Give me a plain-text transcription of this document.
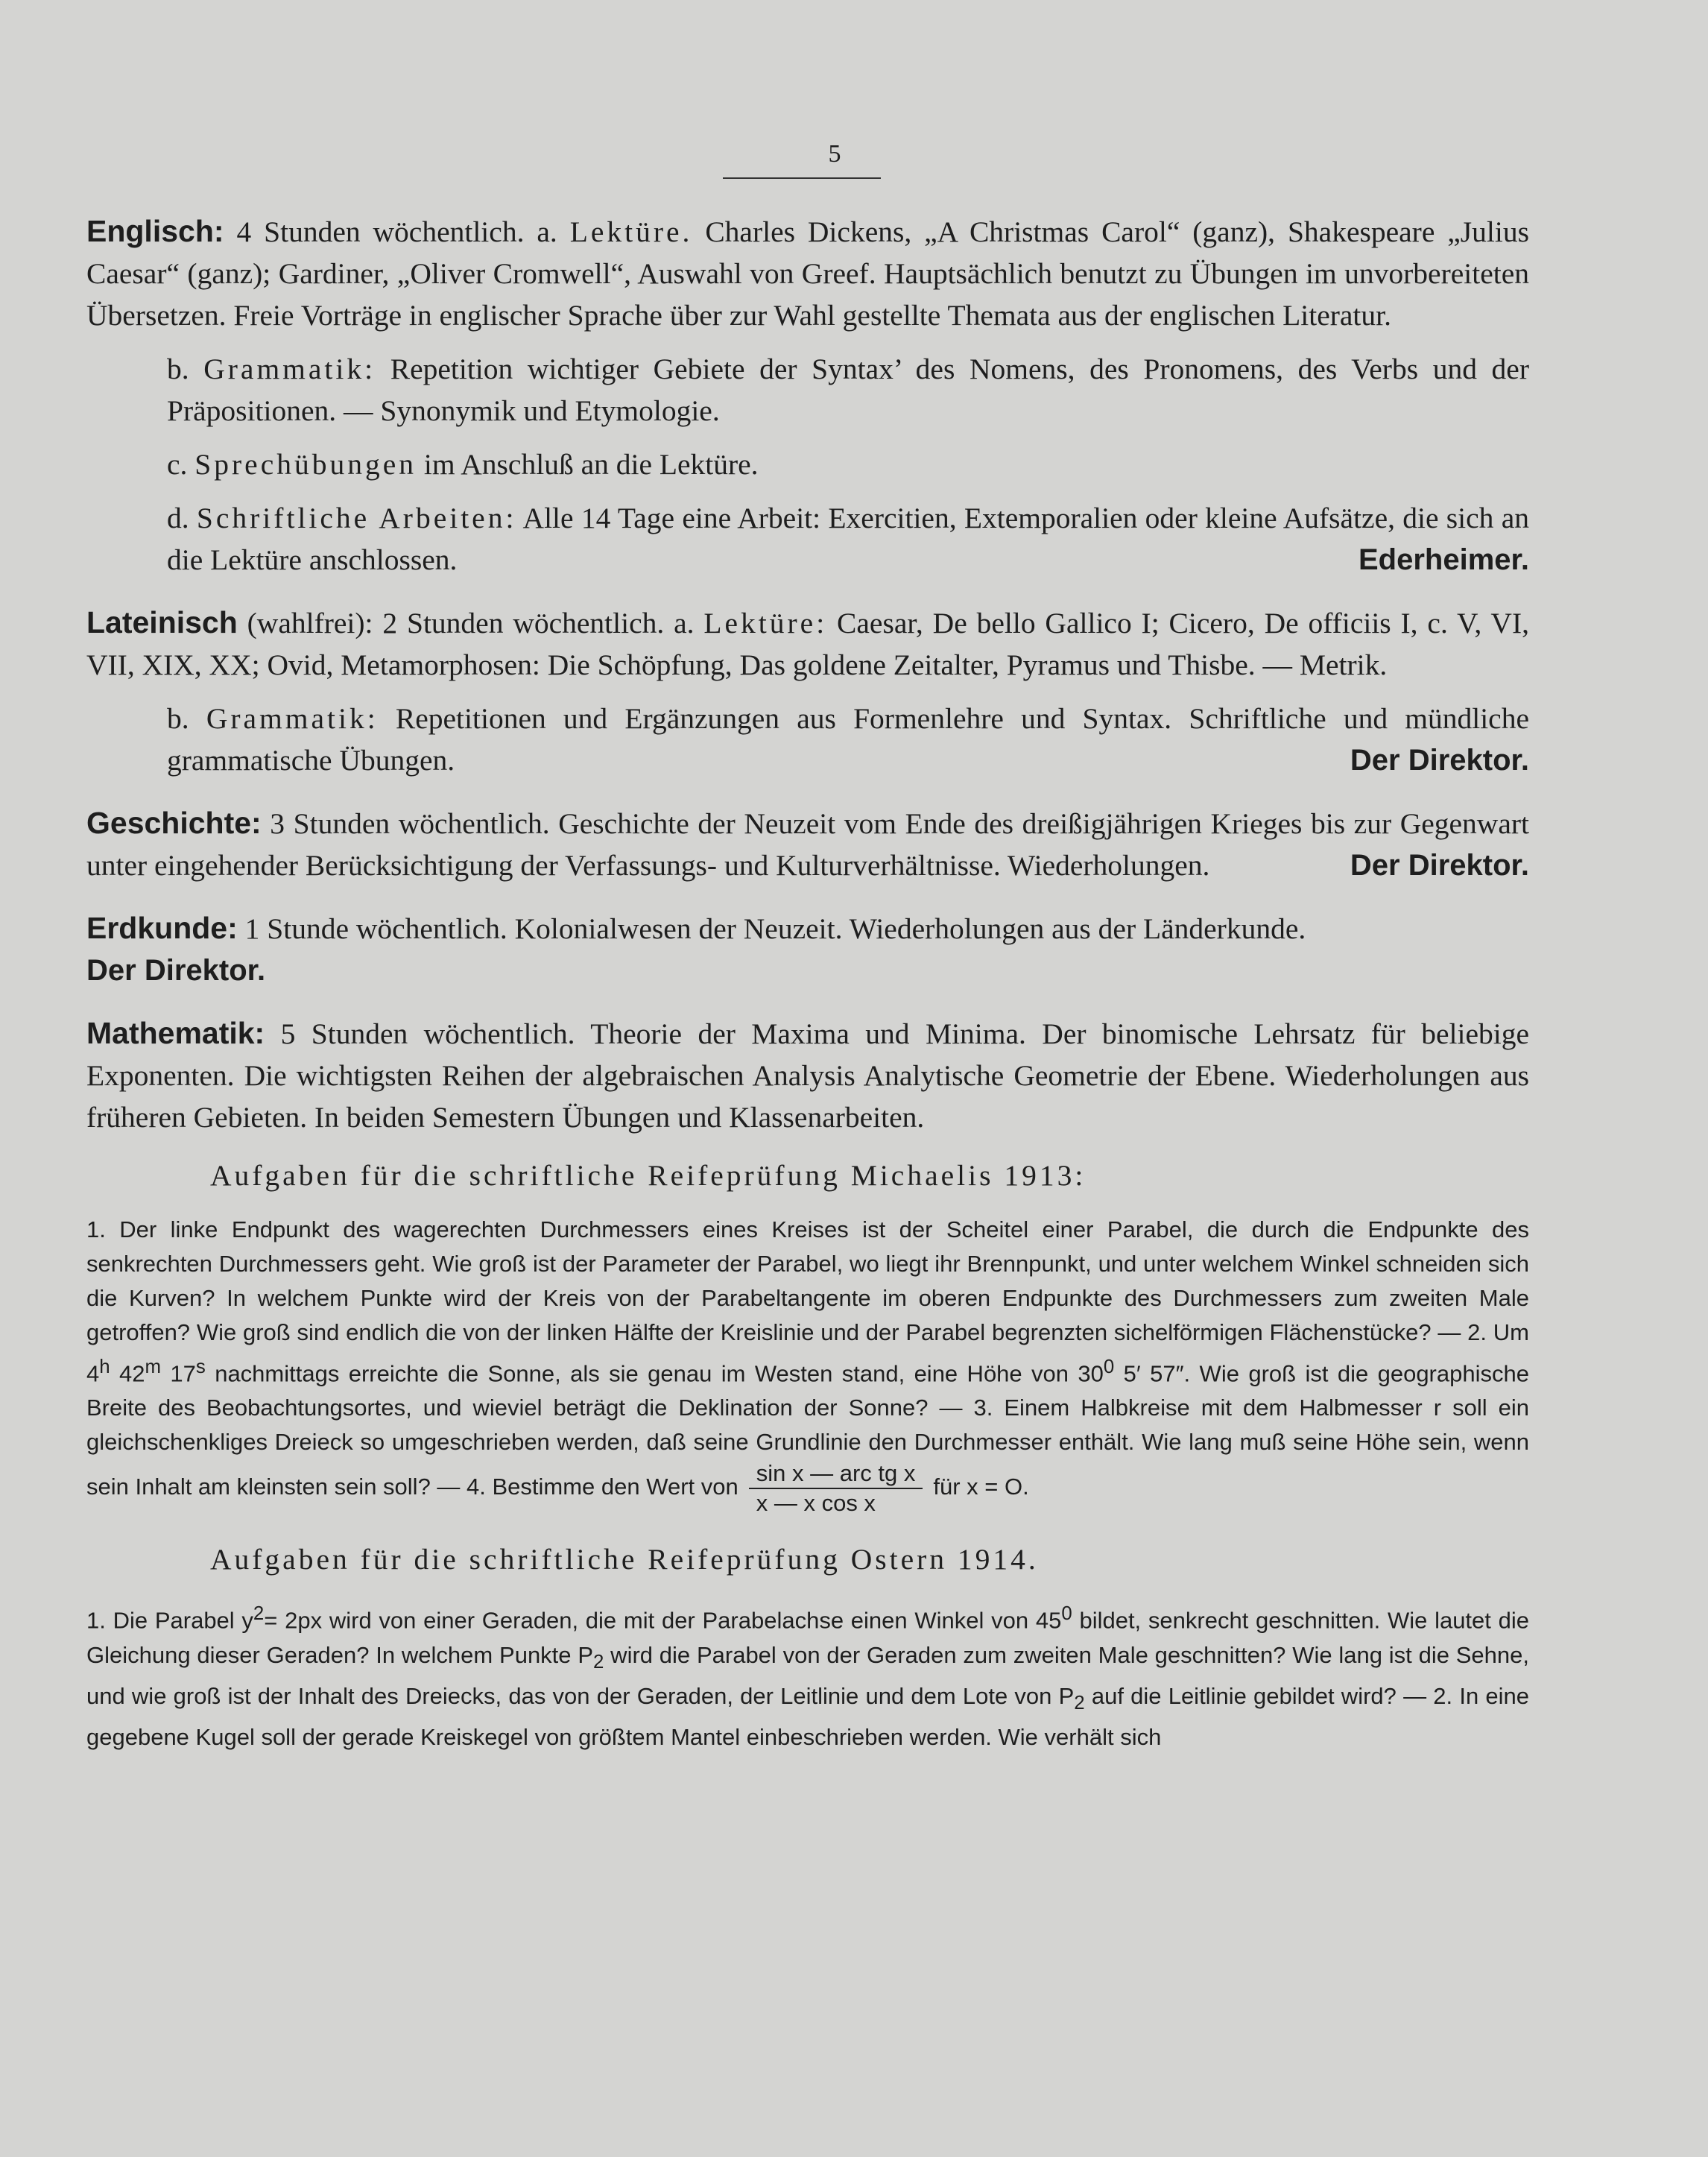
5

Englisch: 4 Stunden wöchentlich. a. Lektüre. Charles Dickens, „A Christmas Carol“ (ganz), Shakespeare „Julius Caesar“ (ganz); Gardiner, „Oliver Cromwell“, Auswahl von Greef. Hauptsächlich benutzt zu Übungen im unvorbereiteten Übersetzen. Freie Vorträge in englischer Sprache über zur Wahl gestellte Themata aus der englischen Literatur.

b. Grammatik: Repetition wichtiger Gebiete der Syntax’ des Nomens, des Pronomens, des Verbs und der Präpositionen. — Synonymik und Etymologie.

c. Sprechübungen im Anschluß an die Lektüre.

d. Schriftliche Arbeiten: Alle 14 Tage eine Arbeit: Exercitien, Extemporalien oder kleine Aufsätze, die sich an die Lektüre anschlossen.	Ederheimer.

Lateinisch (wahlfrei): 2 Stunden wöchentlich. a. Lektüre: Caesar, De bello Gallico I; Cicero, De officiis I, c. V, VI, VII, XIX, XX; Ovid, Metamorphosen: Die Schöpfung, Das goldene Zeitalter, Pyramus und Thisbe. — Metrik.

b. Grammatik: Repetitionen und Ergänzungen aus Formenlehre und Syntax. Schriftliche und mündliche grammatische Übungen.	Der Direktor.

Geschichte: 3 Stunden wöchentlich. Geschichte der Neuzeit vom Ende des dreißigjährigen Krieges bis zur Gegenwart unter eingehender Berücksichtigung der Verfassungs- und Kulturverhältnisse. Wiederholungen.	Der Direktor.

Erdkunde: 1 Stunde wöchentlich. Kolonialwesen der Neuzeit. Wiederholungen aus der Länderkunde.

Der Direktor.

Mathematik: 5 Stunden wöchentlich. Theorie der Maxima und Minima. Der binomische Lehrsatz für beliebige Exponenten. Die wichtigsten Reihen der algebraischen Analysis Analytische Geometrie der Ebene. Wiederholungen aus früheren Gebieten. In beiden Semestern Übungen und Klassenarbeiten.

Aufgaben für die schriftliche Reifeprüfung Michaelis 1913:

1. Der linke Endpunkt des wagerechten Durchmessers eines Kreises ist der Scheitel einer Parabel, die durch die Endpunkte des senkrechten Durchmessers geht. Wie groß ist der Parameter der Parabel, wo liegt ihr Brennpunkt, und unter welchem Winkel schneiden sich die Kurven? In welchem Punkte wird der Kreis von der Parabeltangente im oberen Endpunkte des Durchmessers zum zweiten Male getroffen? Wie groß sind endlich die von der linken Hälfte der Kreislinie und der Parabel begrenzten sichelförmigen Flächenstücke? — 2. Um 4$^h$ 42$^m$ 17$^s$ nachmittags erreichte die Sonne, als sie genau im Westen stand, eine Höhe von $30^0$ 5′ 57″. Wie groß ist die geographische Breite des Beobachtungsortes, und wieviel beträgt die Deklination der Sonne? — 3. Einem Halbkreise mit dem Halbmesser r soll ein gleichschenkliges Dreieck so umgeschrieben werden, daß seine Grundlinie den Durchmesser enthält. Wie lang muß seine Höhe sein, wenn sein Inhalt am kleinsten sein soll? — 4. Bestimme den Wert von $\frac{\text{sin x — arc tg x}}{\text{x — x cos x}}$ für x = O.

Aufgaben für die schriftliche Reifeprüfung Ostern 1914.

1. Die Parabel $y^2= 2px$ wird von einer Geraden, die mit der Parabelachse einen Winkel von $45^0$ bildet, senkrecht geschnitten. Wie lautet die Gleichung dieser Geraden? In welchem Punkte $P_2$ wird die Parabel von der Geraden zum zweiten Male geschnitten? Wie lang ist die Sehne, und wie groß ist der Inhalt des Dreiecks, das von der Geraden, der Leitlinie und dem Lote von $P_2$ auf die Leitlinie gebildet wird? — 2. In eine gegebene Kugel soll der gerade Kreiskegel von größtem Mantel einbeschrieben werden. Wie verhält sich
